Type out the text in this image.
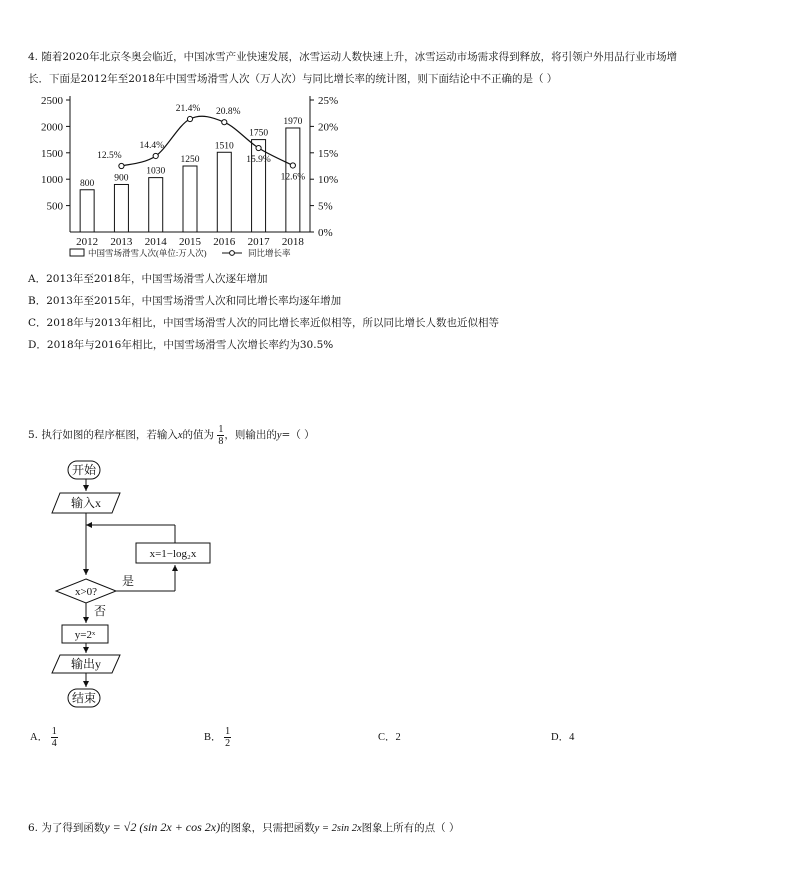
4. 随着2020年北京冬奥会临近，中国冰雪产业快速发展，冰雪运动人数快速上升，冰雪运动市场需求得到释放，将引领户外用品行业市场增
长．下面是2012年至2018年中国雪场滑雪人次（万人次）与同比增长率的统计图，则下面结论中不正确的是（ ）
500
1000
1500
2000
2500
0%
5%
10%
15%
20%
25%
2012 2013 2014 2015 2016 2017 2018
800
900
1030
1250
1510
1750
1970
12.5%
14.4%
21.4% 20.8%
15.9%
12.6%
中国雪场滑雪人次(单位:万人次)	同比增长率
A．2013年至2018年，中国雪场滑雪人次逐年增加
B．2013年至2015年，中国雪场滑雪人次和同比增长率均逐年增加
C．2018年与2013年相比，中国雪场滑雪人次的同比增长率近似相等，所以同比增长人数也近似相等
D．2018年与2016年相比，中国雪场滑雪人次增长率约为30.5%
5. 执行如图的程序框图，若输入x的值为 $\frac{1}{8}$ ，则输出的y=（ ）
开始
输入x
x=1−log₂x
x>0?
是
否
y=2ˣ
输出y
结束
A． $\frac{1}{4}$	B． $\frac{1}{2}$	C．2	D．4
6. 为了得到函数y = √2 (sin 2x + cos 2x)的图象，只需把函数y = 2sin 2x图象上所有的点（ ）
